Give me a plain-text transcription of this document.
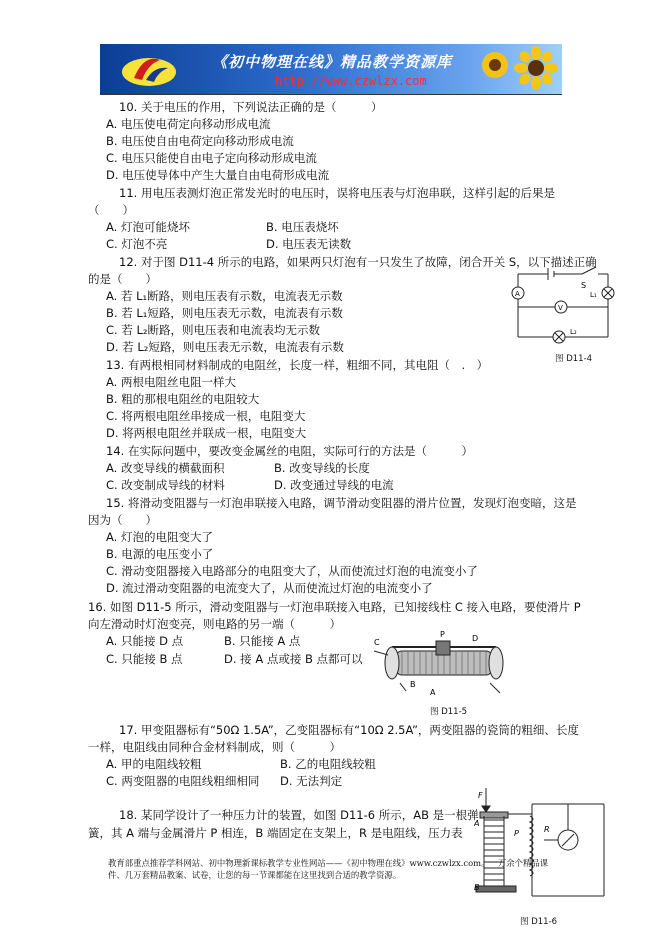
《初中物理在线》精品教学资源库
http://www.czwlzx.com
10. 关于电压的作用，下列说法正确的是（　　　）
A. 电压使电荷定向移动形成电流
B. 电压使自由电荷定向移动形成电流
C. 电压只能使自由电子定向移动形成电流
D. 电压使导体中产生大量自由电荷形成电流
11. 用电压表测灯泡正常发光时的电压时，误将电压表与灯泡串联，这样引起的后果是
（　　）
A. 灯泡可能烧坏	B. 电压表烧坏
C. 灯泡不亮	D. 电压表无读数
12. 对于图 D11-4 所示的电路，如果两只灯泡有一只发生了故障，闭合开关 S，以下描述正确
的是（　　）
A. 若 L₁断路，则电压表有示数，电流表无示数
B. 若 L₁短路，则电压表无示数，电流表有示数
C. 若 L₂断路，则电压表和电流表均无示数
D. 若 L₂短路，则电压表无示数，电流表有示数
13. 有两根相同材料制成的电阻丝，长度一样，粗细不同，其电阻（　.　）
A. 两根电阻丝电阻一样大
B. 粗的那根电阻丝的电阻较大
C. 将两根电阻丝串接成一根，电阻变大
D. 将两根电阻丝并联成一根，电阻变大
14. 在实际问题中，要改变金属丝的电阻，实际可行的方法是（　　　）
A. 改变导线的横截面积	B. 改变导线的长度
C. 改变制成导线的材料	D. 改变通过导线的电流
15. 将滑动变阻器与一灯泡串联接入电路，调节滑动变阻器的滑片位置，发现灯泡变暗，这是
因为（　　）
A. 灯泡的电阻变大了
B. 电源的电压变小了
C. 滑动变阻器接入电路部分的电阻变大了，从而使流过灯泡的电流变小了
D. 流过滑动变阻器的电流变大了，从而使流过灯泡的电流变小了
16. 如图 D11-5 所示，滑动变阻器与一灯泡串联接入电路，已知接线柱 C 接入电路，要使滑片 P
向左滑动时灯泡变亮，则电路的另一端（　　　）
A. 只能接 D 点	B. 只能接 A 点
C. 只能接 B 点	D. 接 A 点或接 B 点都可以
17. 甲变阻器标有“50Ω 1.5A”，乙变阻器标有“10Ω 2.5A”，两变阻器的瓷筒的粗细、长度
一样，电阻线由同种合金材料制成，则（　　　）
A. 甲的电阻线较粗	B. 乙的电阻线较粗
C. 两变阻器的电阻线粗细相同 D. 无法判定
18. 某同学设计了一种压力计的装置，如图 D11-6 所示，AB 是一根弹
簧，其 A 端与金属滑片 P 相连，B 端固定在支架上，R 是电阻线，压力表
A
V
S
L₁
L₂
图 D11-4
C
P	D
B
A
图 D11-5
F
A
P	R
B
图 D11-6
教育部重点推荐学科网站、初中物理新课标教学专业性网站——《初中物理在线》www.czwlzx.com。一万余个精品课
件、几万套精品教案、试卷，让您的每一节课都能在这里找到合适的教学资源。
